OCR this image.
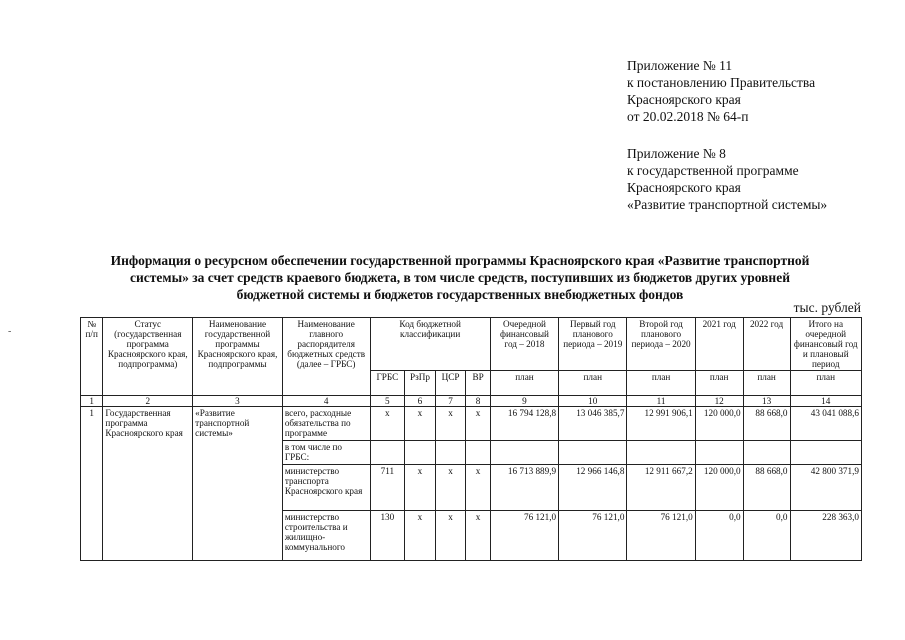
Приложение № 11
к постановлению Правительства
Красноярского края
от 20.02.2018 № 64-п
Приложение № 8
к государственной программе
Красноярского края
«Развитие транспортной системы»
Информация о ресурсном обеспечении государственной программы Красноярского края «Развитие транспортной
системы» за счет средств краевого бюджета, в том числе средств, поступивших из бюджетов других уровней
бюджетной системы и бюджетов государственных внебюджетных фондов
тыс. рублей
-
№ п/п	Статус (государственная программа Красноярского края, подпрограмма)	Наименование государственной программы Красноярского края, подпрограммы	Наименование главного распорядителя бюджетных средств (далее – ГРБС)	Код бюджетной классификации				Очередной финансовый год – 2018	Первый год планового периода – 2019	Второй год планового периода – 2020	2021 год	2022 год	Итого на очередной финансовый год и плановый период
				ГРБС	РзПр	ЦСР	ВР	план	план	план	план	план	план
1	2	3	4	5	6	7	8	9	10	11	12	13	14
1	Государственная программа Красноярского края	«Развитие транспортной системы»	всего, расходные обязательства по программе	x	x	x	x	16 794 128,8	13 046 385,7	12 991 906,1	120 000,0	88 668,0	43 041 088,6
			в том числе по ГРБС:										
			министерство транспорта Красноярского края	711	x	x	x	16 713 889,9	12 966 146,8	12 911 667,2	120 000,0	88 668,0	42 800 371,9
			министерство строительства и жилищно-коммунального	130	x	x	x	76 121,0	76 121,0	76 121,0	0,0	0,0	228 363,0
